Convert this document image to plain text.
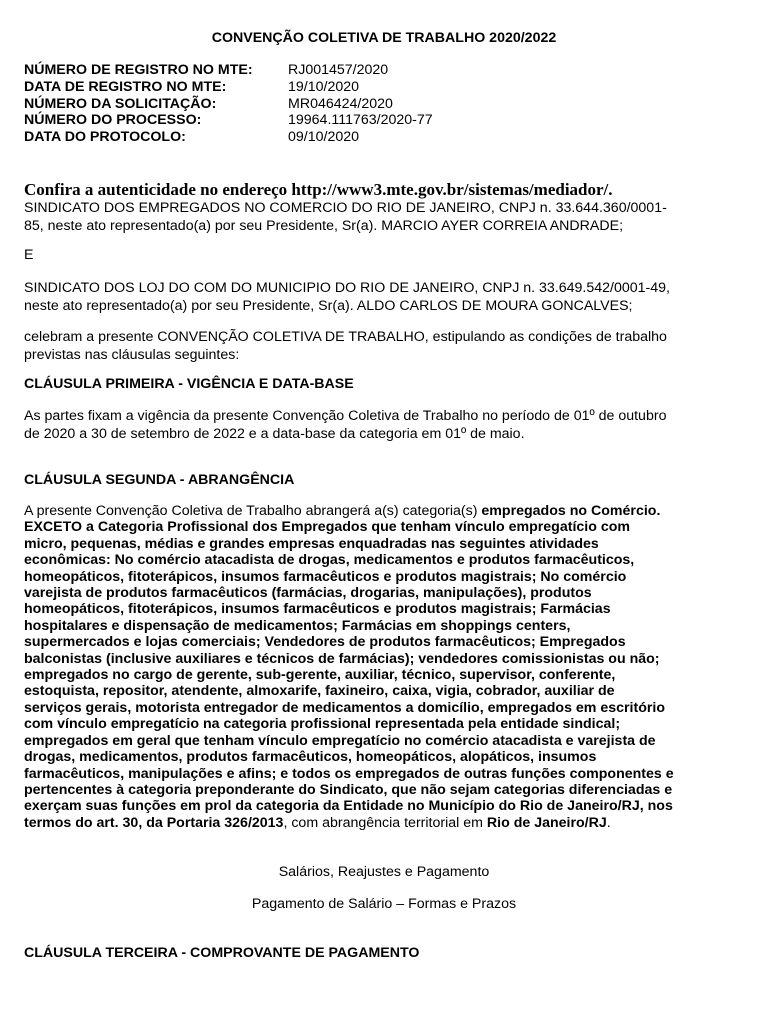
CONVENÇÃO COLETIVA DE TRABALHO 2020/2022
NÚMERO DE REGISTRO NO MTE:	RJ001457/2020
DATA DE REGISTRO NO MTE:	19/10/2020
NÚMERO DA SOLICITAÇÃO:	MR046424/2020
NÚMERO DO PROCESSO:	19964.111763/2020-77
DATA DO PROTOCOLO:	09/10/2020
Confira a autenticidade no endereço http://www3.mte.gov.br/sistemas/mediador/.
SINDICATO DOS EMPREGADOS NO COMERCIO DO RIO DE JANEIRO, CNPJ n. 33.644.360/0001-
85, neste ato representado(a) por seu Presidente, Sr(a). MARCIO AYER CORREIA ANDRADE;
E
SINDICATO DOS LOJ DO COM DO MUNICIPIO DO RIO DE JANEIRO, CNPJ n. 33.649.542/0001-49,
neste ato representado(a) por seu Presidente, Sr(a). ALDO CARLOS DE MOURA GONCALVES;
celebram a presente CONVENÇÃO COLETIVA DE TRABALHO, estipulando as condições de trabalho
previstas nas cláusulas seguintes:
CLÁUSULA PRIMEIRA - VIGÊNCIA E DATA-BASE
As partes fixam a vigência da presente Convenção Coletiva de Trabalho no período de 01º de outubro
de 2020 a 30 de setembro de 2022 e a data-base da categoria em 01º de maio.
CLÁUSULA SEGUNDA - ABRANGÊNCIA
A presente Convenção Coletiva de Trabalho abrangerá a(s) categoria(s) empregados no Comércio.
EXCETO a Categoria Profissional dos Empregados que tenham vínculo empregatício com
micro, pequenas, médias e grandes empresas enquadradas nas seguintes atividades
econômicas: No comércio atacadista de drogas, medicamentos e produtos farmacêuticos,
homeopáticos, fitoterápicos, insumos farmacêuticos e produtos magistrais; No comércio
varejista de produtos farmacêuticos (farmácias, drogarias, manipulações), produtos
homeopáticos, fitoterápicos, insumos farmacêuticos e produtos magistrais; Farmácias
hospitalares e dispensação de medicamentos; Farmácias em shoppings centers,
supermercados e lojas comerciais; Vendedores de produtos farmacêuticos; Empregados
balconistas (inclusive auxiliares e técnicos de farmácias); vendedores comissionistas ou não;
empregados no cargo de gerente, sub-gerente, auxiliar, técnico, supervisor, conferente,
estoquista, repositor, atendente, almoxarife, faxineiro, caixa, vigia, cobrador, auxiliar de
serviços gerais, motorista entregador de medicamentos a domicílio, empregados em escritório
com vínculo empregatício na categoria profissional representada pela entidade sindical;
empregados em geral que tenham vínculo empregatício no comércio atacadista e varejista de
drogas, medicamentos, produtos farmacêuticos, homeopáticos, alopáticos, insumos
farmacêuticos, manipulações e afins; e todos os empregados de outras funções componentes e
pertencentes à categoria preponderante do Sindicato, que não sejam categorias diferenciadas e
exerçam suas funções em prol da categoria da Entidade no Município do Rio de Janeiro/RJ, nos
termos do art. 30, da Portaria 326/2013, com abrangência territorial em Rio de Janeiro/RJ.
Salários, Reajustes e Pagamento
Pagamento de Salário – Formas e Prazos
CLÁUSULA TERCEIRA - COMPROVANTE DE PAGAMENTO
